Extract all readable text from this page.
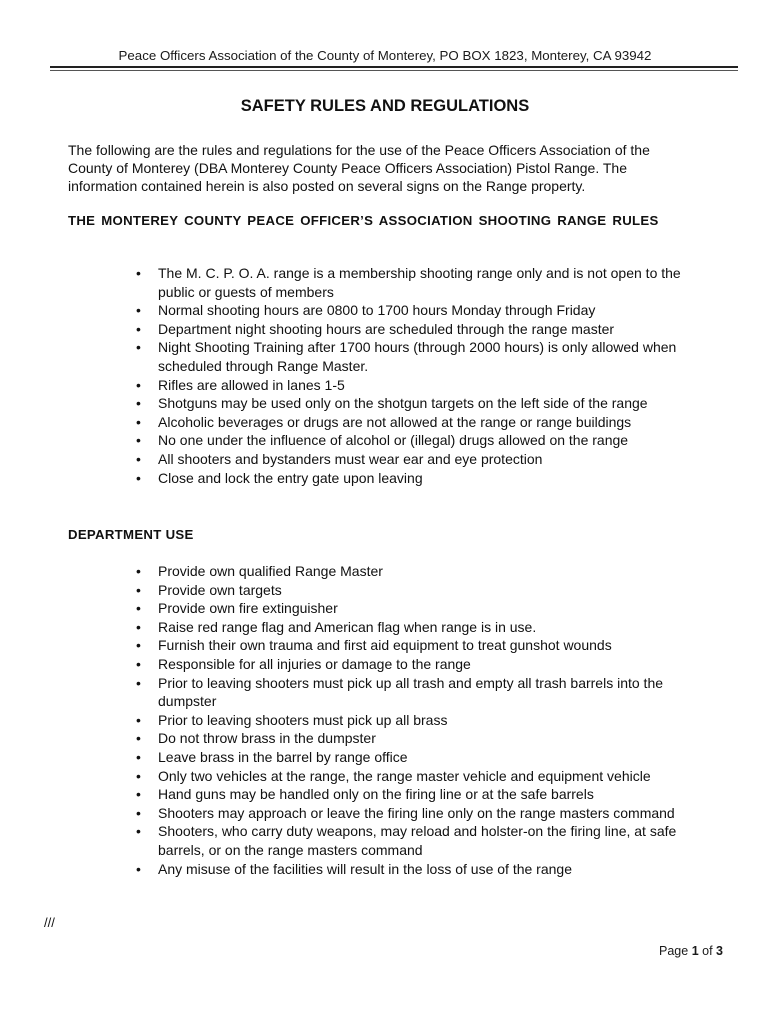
Peace Officers Association of the County of Monterey, PO BOX 1823, Monterey, CA 93942
SAFETY RULES AND REGULATIONS
The following are the rules and regulations for the use of the Peace Officers Association of the County of Monterey (DBA Monterey County Peace Officers Association) Pistol Range. The information contained herein is also posted on several signs on the Range property.
THE MONTEREY COUNTY PEACE OFFICER’S ASSOCIATION SHOOTING RANGE RULES
• The M. C. P. O. A. range is a membership shooting range only and is not open to the public or guests of members
• Normal shooting hours are 0800 to 1700 hours Monday through Friday
• Department night shooting hours are scheduled through the range master
• Night Shooting Training after 1700 hours (through 2000 hours) is only allowed when scheduled through Range Master.
• Rifles are allowed in lanes 1-5
• Shotguns may be used only on the shotgun targets on the left side of the range
• Alcoholic beverages or drugs are not allowed at the range or range buildings
• No one under the influence of alcohol or (illegal) drugs allowed on the range
• All shooters and bystanders must wear ear and eye protection
• Close and lock the entry gate upon leaving
DEPARTMENT USE
• Provide own qualified Range Master
• Provide own targets
• Provide own fire extinguisher
• Raise red range flag and American flag when range is in use.
• Furnish their own trauma and first aid equipment to treat gunshot wounds
• Responsible for all injuries or damage to the range
• Prior to leaving shooters must pick up all trash and empty all trash barrels into the dumpster
• Prior to leaving shooters must pick up all brass
• Do not throw brass in the dumpster
• Leave brass in the barrel by range office
• Only two vehicles at the range, the range master vehicle and equipment vehicle
• Hand guns may be handled only on the firing line or at the safe barrels
• Shooters may approach or leave the firing line only on the range masters command
• Shooters, who carry duty weapons, may reload and holster-on the firing line, at safe barrels, or on the range masters command
• Any misuse of the facilities will result in the loss of use of the range
///
Page 1 of 3
